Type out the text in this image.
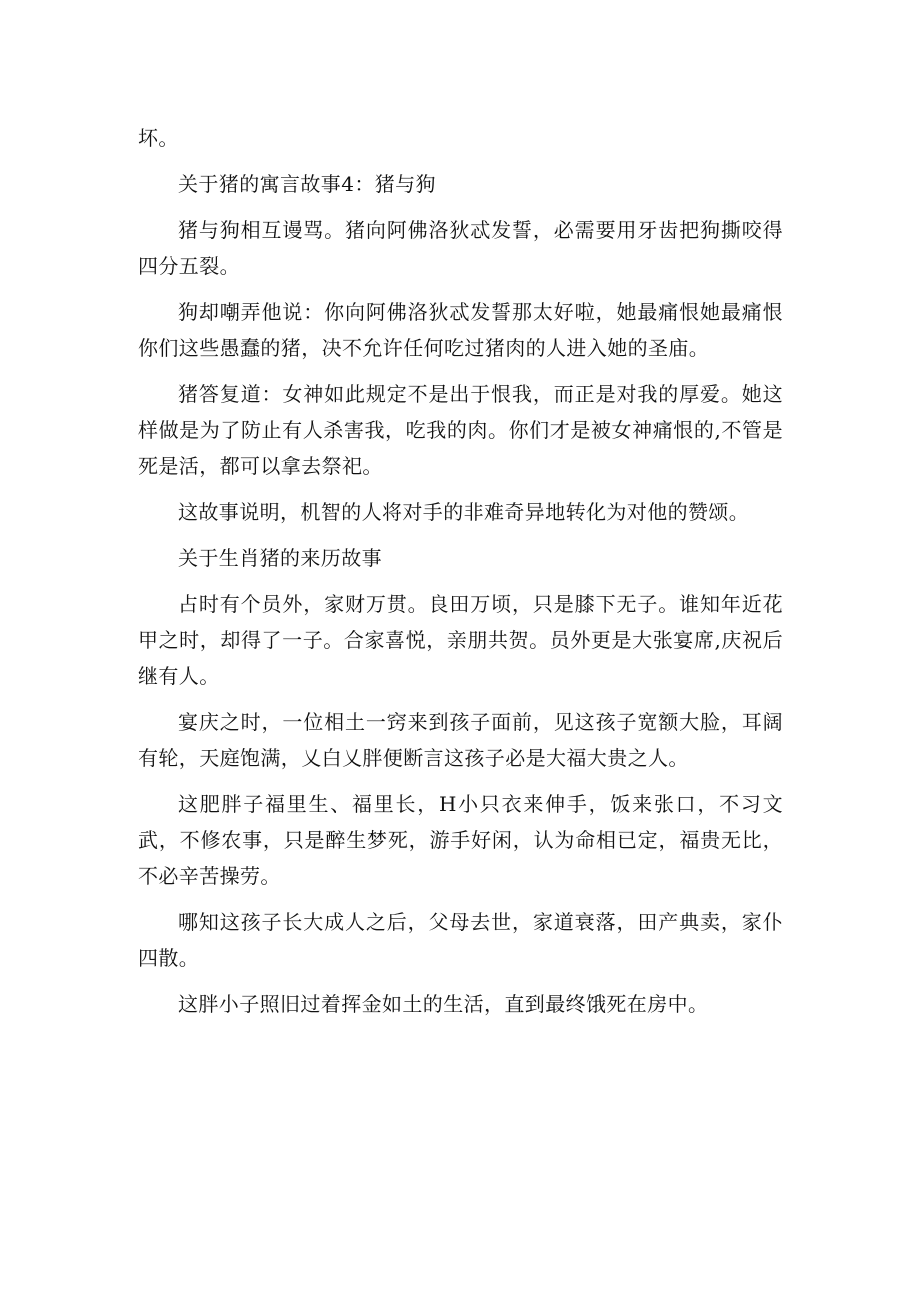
坏。

关于猪的寓言故事4：猪与狗

猪与狗相互谩骂。猪向阿佛洛狄忒发誓，必需要用牙齿把狗撕咬得四分五裂。

狗却嘲弄他说：你向阿佛洛狄忒发誓那太好啦，她最痛恨她最痛恨你们这些愚蠢的猪，决不允许任何吃过猪肉的人进入她的圣庙。

猪答复道：女神如此规定不是出于恨我，而正是对我的厚爱。她这样做是为了防止有人杀害我，吃我的肉。你们才是被女神痛恨的,不管是死是活，都可以拿去祭祀。

这故事说明，机智的人将对手的非难奇异地转化为对他的赞颂。

关于生肖猪的来历故事

占时有个员外，家财万贯。良田万顷，只是膝下无子。谁知年近花甲之时，却得了一子。合家喜悦，亲朋共贺。员外更是大张宴席,庆祝后继有人。

宴庆之时，一位相土一窍来到孩子面前，见这孩子宽额大脸，耳阔有轮，天庭饱满，乂白乂胖便断言这孩子必是大福大贵之人。

这肥胖子福里生、福里长，H小只衣来伸手，饭来张口，不习文武，不修农事，只是醉生梦死，游手好闲，认为命相已定，福贵无比，不必辛苦操劳。

哪知这孩子长大成人之后，父母去世，家道衰落，田产典卖，家仆四散。

这胖小子照旧过着挥金如土的生活，直到最终饿死在房中。
